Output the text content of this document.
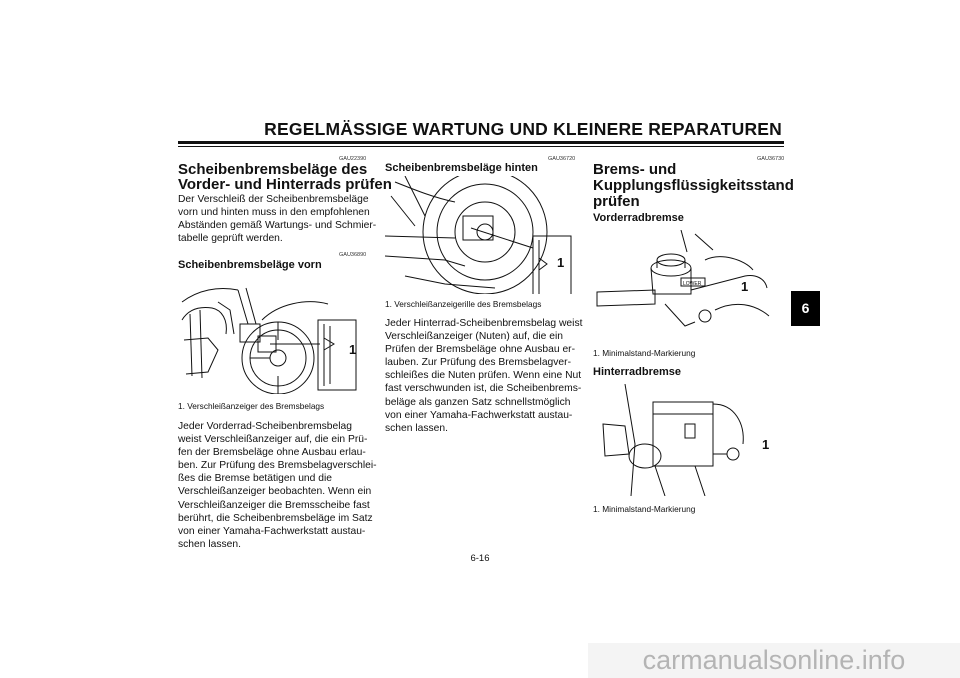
REGELMÄSSIGE WARTUNG UND KLEINERE REPARATUREN
6
GAU22390
Scheibenbremsbeläge des
Vorder- und Hinterrads prüfen
Der Verschleiß der Scheibenbremsbeläge
vorn und hinten muss in den empfohlenen
Abständen gemäß Wartungs- und Schmier-
tabelle geprüft werden.
GAU36890
Scheibenbremsbeläge vorn
1
1. Verschleißanzeiger des Bremsbelags
Jeder Vorderrad-Scheibenbremsbelag
weist Verschleißanzeiger auf, die ein Prü-
fen der Bremsbeläge ohne Ausbau erlau-
ben. Zur Prüfung des Bremsbelagverschlei-
ßes die Bremse betätigen und die
Verschleißanzeiger beobachten. Wenn ein
Verschleißanzeiger die Bremsscheibe fast
berührt, die Scheibenbremsbeläge im Satz
von einer Yamaha-Fachwerkstatt austau-
schen lassen.
GAU36720
Scheibenbremsbeläge hinten
1
1. Verschleißanzeigerille des Bremsbelags
Jeder Hinterrad-Scheibenbremsbelag weist
Verschleißanzeiger (Nuten) auf, die ein
Prüfen der Bremsbeläge ohne Ausbau er-
lauben. Zur Prüfung des Bremsbelagver-
schleißes die Nuten prüfen. Wenn eine Nut
fast verschwunden ist, die Scheibenbrems-
beläge als ganzen Satz schnellstmöglich
von einer Yamaha-Fachwerkstatt austau-
schen lassen.
GAU36730
Brems- und
Kupplungsflüssigkeitsstand
prüfen
Vorderradbremse
LOWER	1
1. Minimalstand-Markierung
Hinterradbremse
1
1. Minimalstand-Markierung
6-16
carmanualsonline.info
